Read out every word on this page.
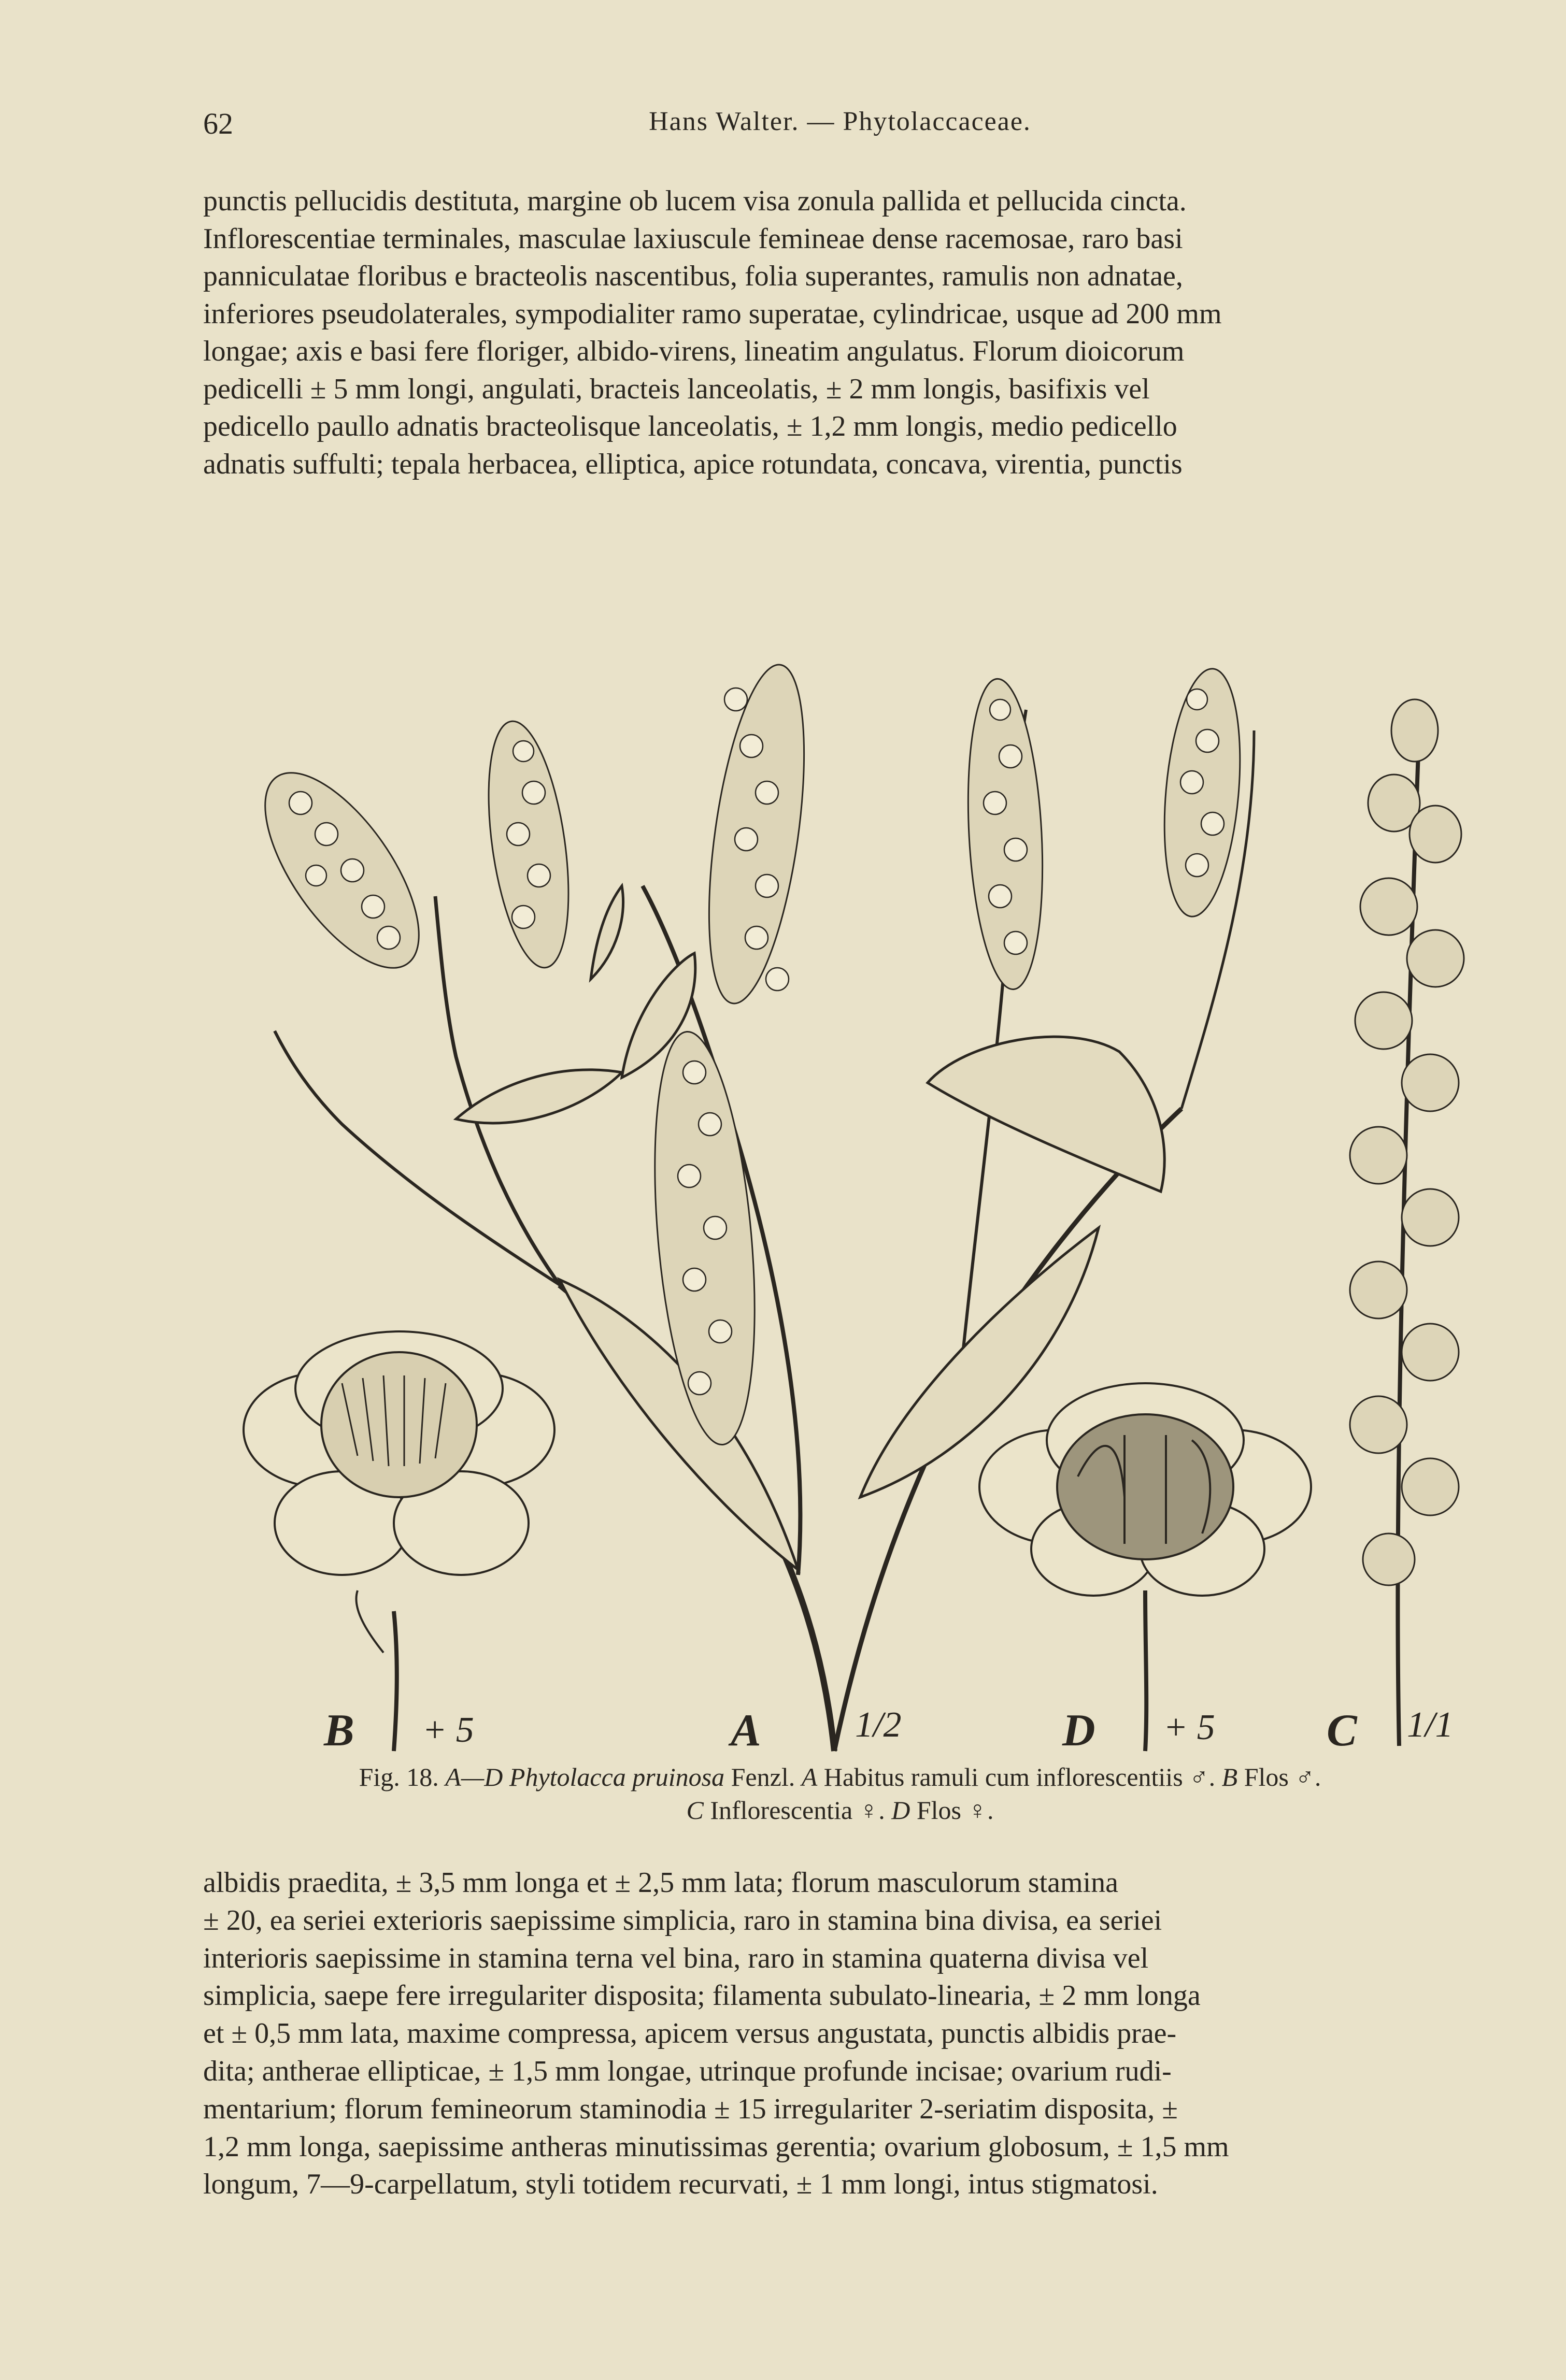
62	Hans Walter. — Phytolaccaceae.

punctis pellucidis destituta, margine ob lucem visa zonula pallida et pellucida cincta.

Inflorescentiae terminales, masculae laxiuscule femineae dense racemosae, raro basi

panniculatae floribus e bracteolis nascentibus, folia superantes, ramulis non adnatae,

inferiores pseudolaterales, sympodialiter ramo superatae, cylindricae, usque ad 200 mm

longae; axis e basi fere floriger, albido-virens, lineatim angulatus. Florum dioicorum

pedicelli ± 5 mm longi, angulati, bracteis lanceolatis, ± 2 mm longis, basifixis vel

pedicello paullo adnatis bracteolisque lanceolatis, ± 1,2 mm longis, medio pedicello

adnatis suffulti; tepala herbacea, elliptica, apice rotundata, concava, virentia, punctis

B + 5	A	1/2	D + 5 C 1/1
Fig. 18. A—D Phytolacca pruinosa Fenzl. A Habitus ramuli cum inflorescentiis ♂. B Flos ♂.
C Inflorescentia ♀. D Flos ♀.

albidis praedita, ± 3,5 mm longa et ± 2,5 mm lata; florum masculorum stamina

± 20, ea seriei exterioris saepissime simplicia, raro in stamina bina divisa, ea seriei

interioris saepissime in stamina terna vel bina, raro in stamina quaterna divisa vel

simplicia, saepe fere irregulariter disposita; filamenta subulato-linearia, ± 2 mm longa

et ± 0,5 mm lata, maxime compressa, apicem versus angustata, punctis albidis prae-

dita; antherae ellipticae, ± 1,5 mm longae, utrinque profunde incisae; ovarium rudi-

mentarium; florum femineorum staminodia ± 15 irregulariter 2-seriatim disposita, ±

1,2 mm longa, saepissime antheras minutissimas gerentia; ovarium globosum, ± 1,5 mm

longum, 7—9-carpellatum, styli totidem recurvati, ± 1 mm longi, intus stigmatosi.
